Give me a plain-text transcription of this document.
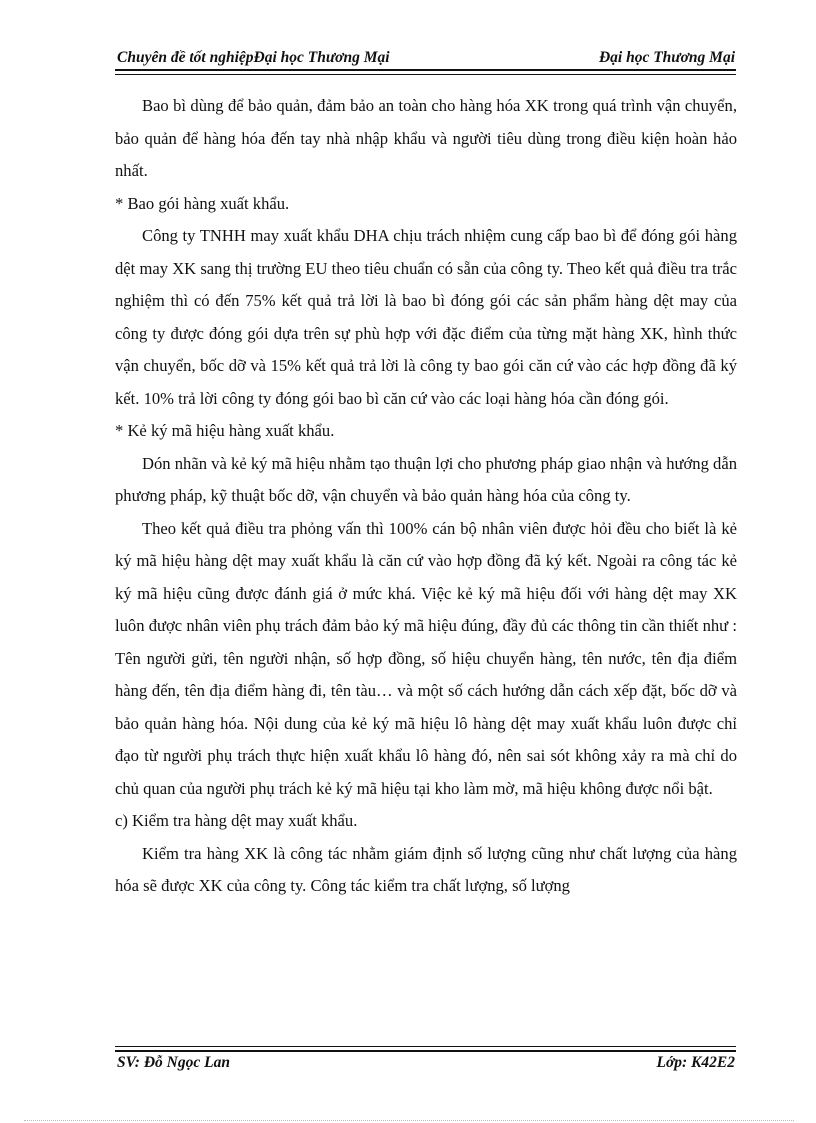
Chuyên đề tốt nghiệpĐại học Thương Mại	Đại học Thương Mại

Bao bì dùng để bảo quản, đảm bảo an toàn cho hàng hóa XK trong quá trình vận chuyển, bảo quản để hàng hóa đến tay nhà nhập khẩu và người tiêu dùng trong điều kiện hoàn hảo nhất.

* Bao gói hàng xuất khẩu.

Công ty TNHH may xuất khẩu DHA chịu trách nhiệm cung cấp bao bì để đóng gói hàng dệt may XK sang thị trường EU theo tiêu chuẩn có sẵn của công ty. Theo kết quả điều tra trắc nghiệm thì có đến 75% kết quả trả lời là bao bì đóng gói các sản phẩm hàng dệt may của công ty được đóng gói dựa trên sự phù hợp với đặc điểm của từng mặt hàng XK, hình thức vận chuyển, bốc dỡ và 15% kết quả trả lời là công ty bao gói căn cứ vào các hợp đồng đã ký kết. 10% trả lời công ty đóng gói bao bì căn cứ vào các loại hàng hóa cần đóng gói.

* Kẻ ký mã hiệu hàng xuất khẩu.

Dón nhãn và kẻ ký mã hiệu nhằm tạo thuận lợi cho phương pháp giao nhận và hướng dẫn phương pháp, kỹ thuật bốc dỡ, vận chuyển và bảo quản hàng hóa của công ty.

Theo kết quả điều tra phỏng vấn thì 100% cán bộ nhân viên được hỏi đều cho biết là kẻ ký mã hiệu hàng dệt may xuất khẩu là căn cứ vào hợp đồng đã ký kết. Ngoài ra công tác kẻ ký mã hiệu cũng được đánh giá ở mức khá. Việc kẻ ký mã hiệu đối với hàng dệt may XK luôn được nhân viên phụ trách đảm bảo ký mã hiệu đúng, đầy đủ các thông tin cần thiết như : Tên người gửi, tên người nhận, số hợp đồng, số hiệu chuyển hàng, tên nước, tên địa điểm hàng đến, tên địa điểm hàng đi, tên tàu… và một số cách hướng dẫn cách xếp đặt, bốc dỡ và bảo quản hàng hóa. Nội dung của kẻ ký mã hiệu lô hàng dệt may xuất khẩu luôn được chỉ đạo từ người phụ trách thực hiện xuất khẩu lô hàng đó, nên sai sót không xảy ra mà chỉ do chủ quan của người phụ trách kẻ ký mã hiệu tại kho làm mờ, mã hiệu không được nổi bật.

c) Kiểm tra hàng dệt may xuất khẩu.

Kiểm tra hàng XK là công tác nhằm giám định số lượng cũng như chất lượng của hàng hóa sẽ được XK của công ty. Công tác kiểm tra chất lượng, số lượng

SV: Đỗ Ngọc Lan	Lớp: K42E2
